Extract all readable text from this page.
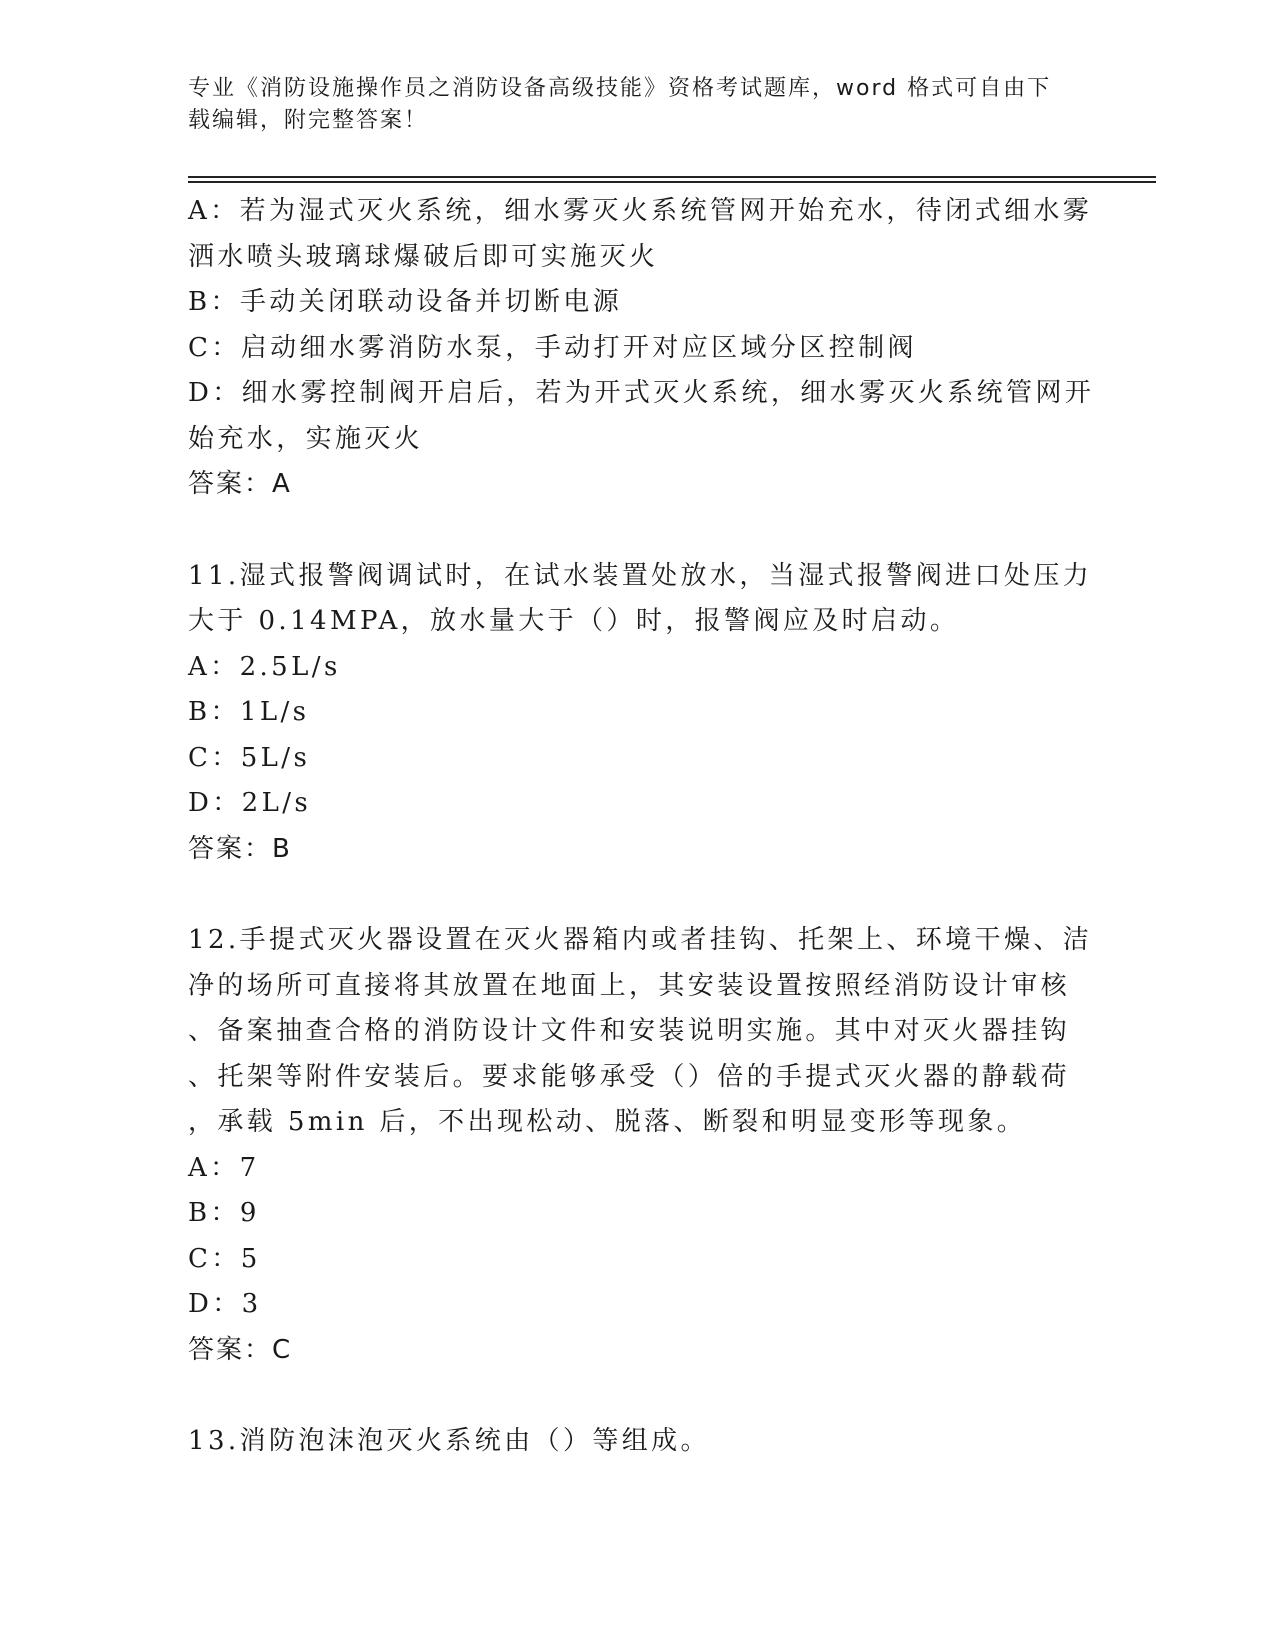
专业《消防设施操作员之消防设备高级技能》资格考试题库，word 格式可自由下
载编辑，附完整答案！
A：若为湿式灭火系统，细水雾灭火系统管网开始充水，待闭式细水雾
洒水喷头玻璃球爆破后即可实施灭火
B：手动关闭联动设备并切断电源
C：启动细水雾消防水泵，手动打开对应区域分区控制阀
D：细水雾控制阀开启后，若为开式灭火系统，细水雾灭火系统管网开
始充水，实施灭火
答案：A
11.湿式报警阀调试时，在试水装置处放水，当湿式报警阀进口处压力
大于 0.14MPA，放水量大于（）时，报警阀应及时启动。
A：2.5L/s
B：1L/s
C：5L/s
D：2L/s
答案：B
12.手提式灭火器设置在灭火器箱内或者挂钩、托架上、环境干燥、洁
净的场所可直接将其放置在地面上，其安装设置按照经消防设计审核
、备案抽查合格的消防设计文件和安装说明实施。其中对灭火器挂钩
、托架等附件安装后。要求能够承受（）倍的手提式灭火器的静载荷
，承载 5min 后，不出现松动、脱落、断裂和明显变形等现象。
A：7
B：9
C：5
D：3
答案：C
13.消防泡沫泡灭火系统由（）等组成。
